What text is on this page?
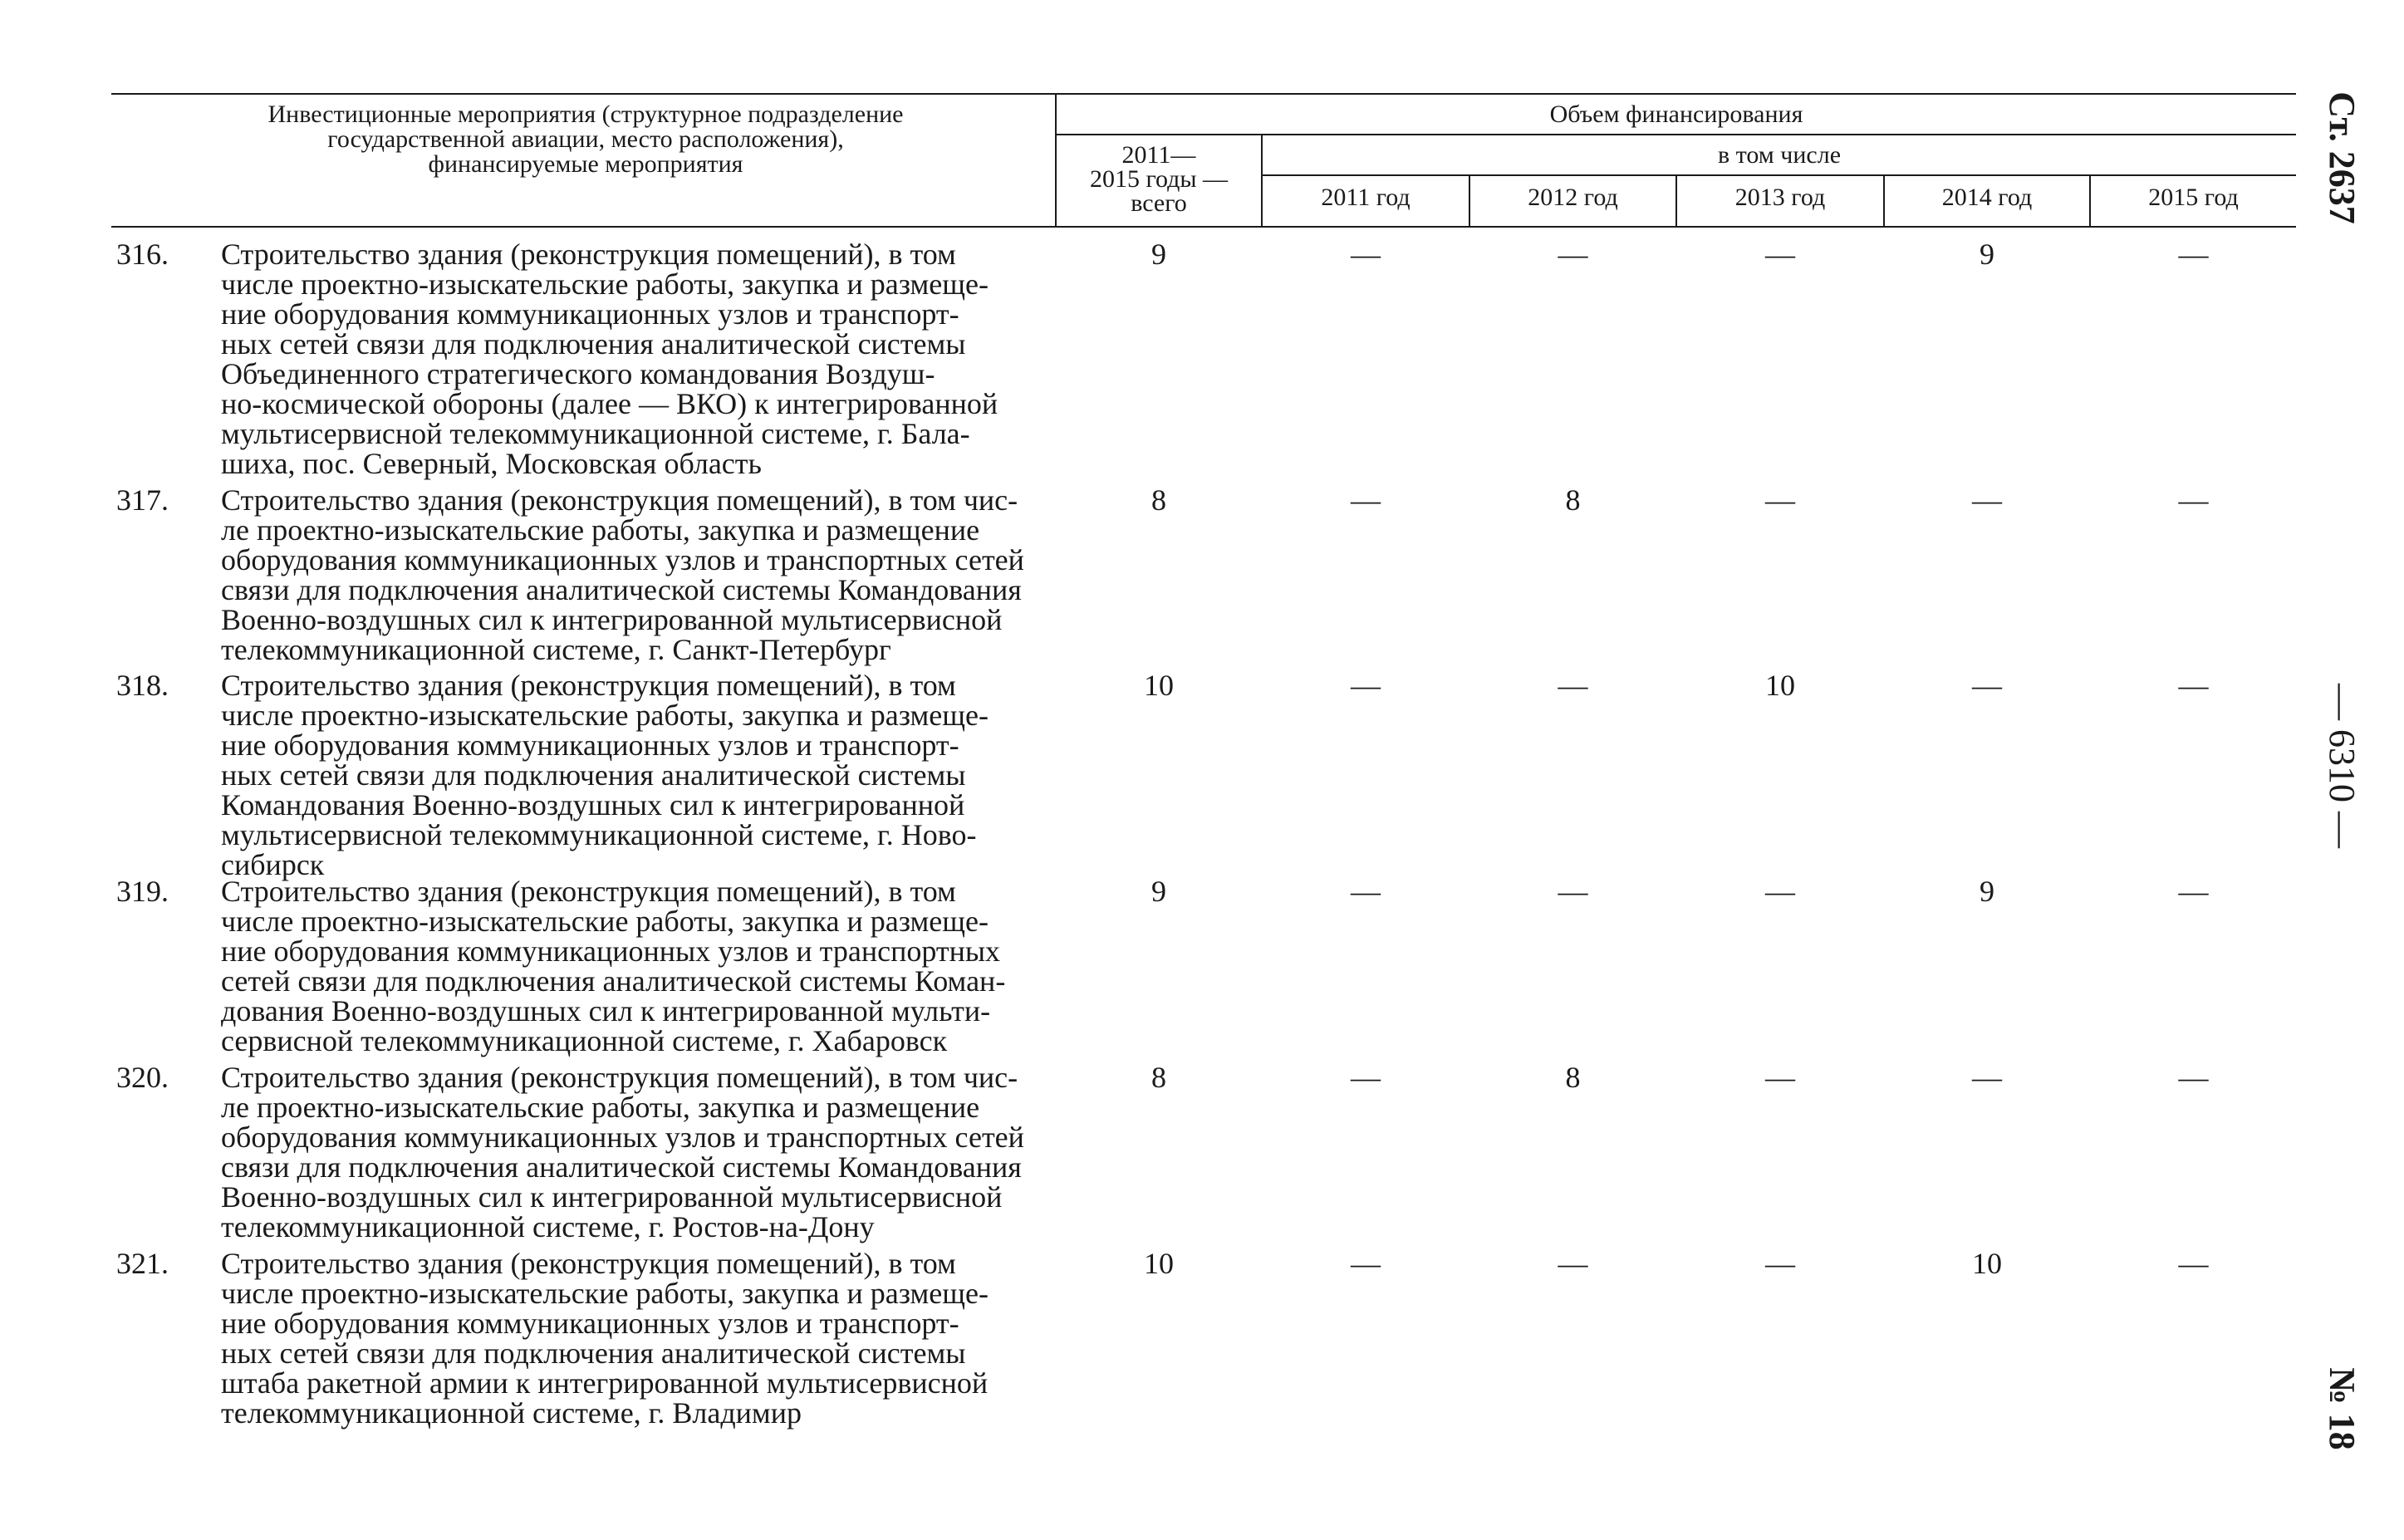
Инвестиционные мероприятия (структурное подразделение
государственной авиации, место расположения),
финансируемые мероприятия
Объем финансирования
2011—
2015 годы —
всего
в том числе
2011 год	2012 год	2013 год	2014 год	2015 год
316. Строительство здания (реконструкция помещений), в том
числе проектно-изыскательские работы, закупка и размеще-
ние оборудования коммуникационных узлов и транспорт-
ных сетей связи для подключения аналитической системы
Объединенного стратегического командования Воздуш-
но-космической обороны (далее — ВКО) к интегрированной
мультисервисной телекоммуникационной системе, г. Бала-
шиха, пос. Северный, Московская область
9	—	—	—	9	—
317. Строительство здания (реконструкция помещений), в том чис-
ле проектно-изыскательские работы, закупка и размещение
оборудования коммуникационных узлов и транспортных сетей
связи для подключения аналитической системы Командования
Военно-воздушных сил к интегрированной мультисервисной
телекоммуникационной системе, г. Санкт-Петербург
8	—	8	—	—	—
318. Строительство здания (реконструкция помещений), в том
числе проектно-изыскательские работы, закупка и размеще-
ние оборудования коммуникационных узлов и транспорт-
ных сетей связи для подключения аналитической системы
Командования Военно-воздушных сил к интегрированной
мультисервисной телекоммуникационной системе, г. Ново-
сибирск
10	—	—	10	—	—
319. Строительство здания (реконструкция помещений), в том
числе проектно-изыскательские работы, закупка и размеще-
ние оборудования коммуникационных узлов и транспортных
сетей связи для подключения аналитической системы Коман-
дования Военно-воздушных сил к интегрированной мульти-
сервисной телекоммуникационной системе, г. Хабаровск
9	—	—	—	9	—
320. Строительство здания (реконструкция помещений), в том чис-
ле проектно-изыскательские работы, закупка и размещение
оборудования коммуникационных узлов и транспортных сетей
связи для подключения аналитической системы Командования
Военно-воздушных сил к интегрированной мультисервисной
телекоммуникационной системе, г. Ростов-на-Дону
8	—	8	—	—	—
321. Строительство здания (реконструкция помещений), в том
числе проектно-изыскательские работы, закупка и размеще-
ние оборудования коммуникационных узлов и транспорт-
ных сетей связи для подключения аналитической системы
штаба ракетной армии к интегрированной мультисервисной
телекоммуникационной системе, г. Владимир
10	—	—	—	10	—
Ст. 2637
— 6310 —
№ 18
